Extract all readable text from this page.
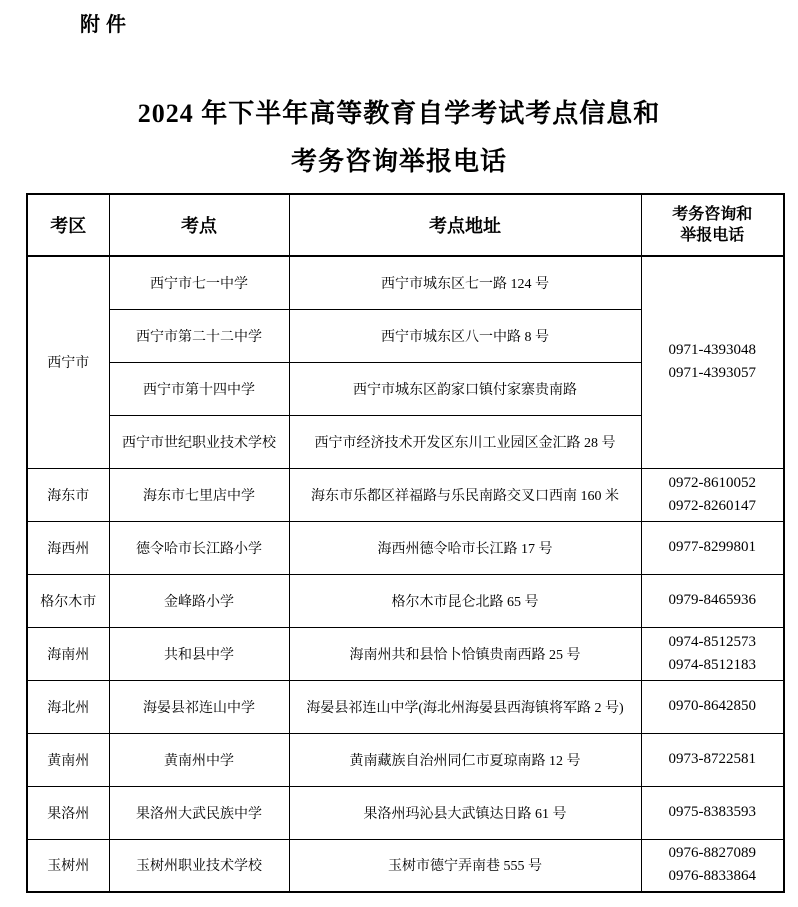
附件
2024 年下半年高等教育自学考试考点信息和
考务咨询举报电话
考区	考点	考点地址	考务咨询和
举报电话

西宁市	西宁市七一中学	西宁市城东区七一路 124 号	0971-4393048
0971-4393057

	西宁市第二十二中学	西宁市城东区八一中路 8 号	
	西宁市第十四中学	西宁市城东区韵家口镇付家寨贵南路	
	西宁市世纪职业技术学校	西宁市经济技术开发区东川工业园区金汇路 28 号	
海东市	海东市七里店中学	海东市乐都区祥福路与乐民南路交叉口西南 160 米	0972-8610052
0972-8260147

海西州	德令哈市长江路小学	海西州德令哈市长江路 17 号	0977-8299801

格尔木市	金峰路小学	格尔木市昆仑北路 65 号	0979-8465936

海南州	共和县中学	海南州共和县恰卜恰镇贵南西路 25 号	0974-8512573
0974-8512183

海北州	海晏县祁连山中学	海晏县祁连山中学(海北州海晏县西海镇将军路 2 号)	0970-8642850

黄南州	黄南州中学	黄南藏族自治州同仁市夏琼南路 12 号	0973-8722581

果洛州	果洛州大武民族中学	果洛州玛沁县大武镇达日路 61 号	0975-8383593

玉树州	玉树州职业技术学校	玉树市德宁弄南巷 555 号	0976-8827089
0976-8833864
